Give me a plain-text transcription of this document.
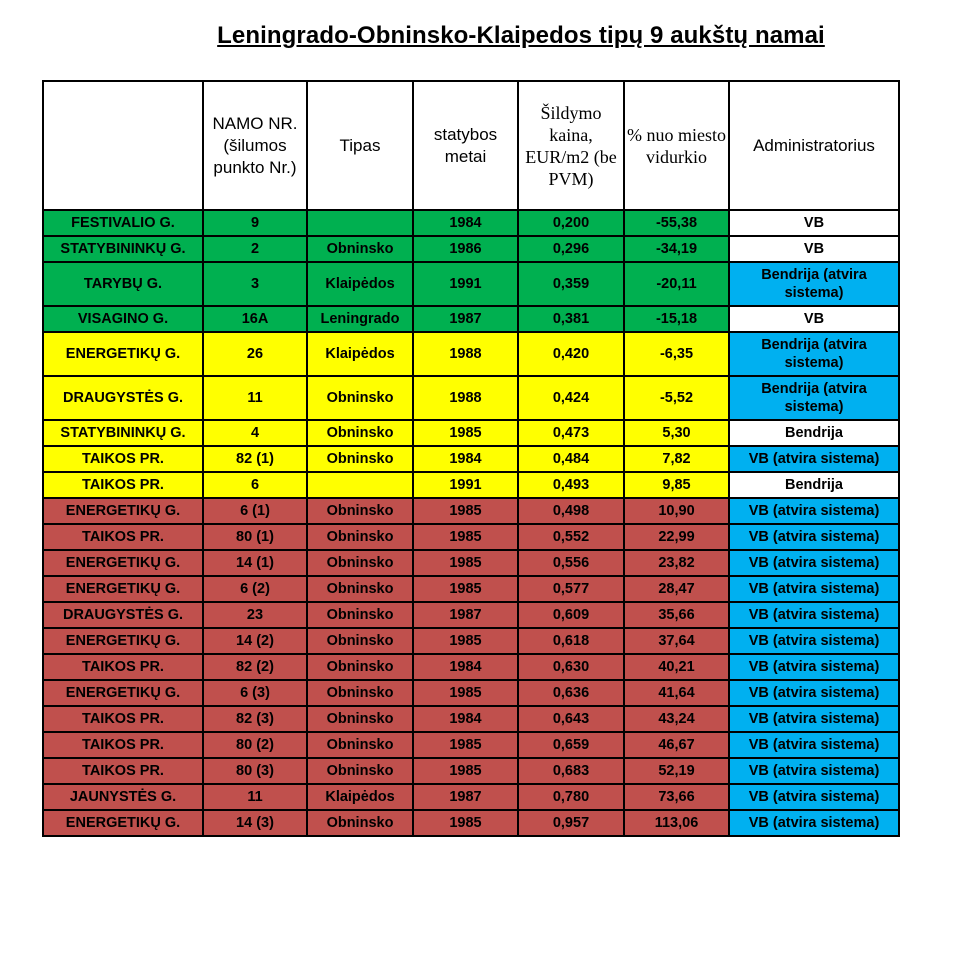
Leningrado-Obninsko-Klaipedos tipų 9 aukštų namai
	NAMO NR. (šilumos punkto Nr.)	Tipas	statybos metai	Šildymo kaina, EUR/m2 (be PVM)	% nuo miesto vidurkio	Administratorius
FESTIVALIO G.	9		1984	0,200	-55,38	VB
STATYBININKŲ G.	2	Obninsko	1986	0,296	-34,19	VB
TARYBŲ G.	3	Klaipėdos	1991	0,359	-20,11	Bendrija (atvira sistema)
VISAGINO G.	16A	Leningrado	1987	0,381	-15,18	VB
ENERGETIKŲ G.	26	Klaipėdos	1988	0,420	-6,35	Bendrija (atvira sistema)
DRAUGYSTĖS G.	11	Obninsko	1988	0,424	-5,52	Bendrija (atvira sistema)
STATYBININKŲ G.	4	Obninsko	1985	0,473	5,30	Bendrija
TAIKOS PR.	82 (1)	Obninsko	1984	0,484	7,82	VB (atvira sistema)
TAIKOS PR.	6		1991	0,493	9,85	Bendrija
ENERGETIKŲ G.	6 (1)	Obninsko	1985	0,498	10,90	VB (atvira sistema)
TAIKOS PR.	80 (1)	Obninsko	1985	0,552	22,99	VB (atvira sistema)
ENERGETIKŲ G.	14 (1)	Obninsko	1985	0,556	23,82	VB (atvira sistema)
ENERGETIKŲ G.	6 (2)	Obninsko	1985	0,577	28,47	VB (atvira sistema)
DRAUGYSTĖS G.	23	Obninsko	1987	0,609	35,66	VB (atvira sistema)
ENERGETIKŲ G.	14 (2)	Obninsko	1985	0,618	37,64	VB (atvira sistema)
TAIKOS PR.	82 (2)	Obninsko	1984	0,630	40,21	VB (atvira sistema)
ENERGETIKŲ G.	6 (3)	Obninsko	1985	0,636	41,64	VB (atvira sistema)
TAIKOS PR.	82 (3)	Obninsko	1984	0,643	43,24	VB (atvira sistema)
TAIKOS PR.	80 (2)	Obninsko	1985	0,659	46,67	VB (atvira sistema)
TAIKOS PR.	80 (3)	Obninsko	1985	0,683	52,19	VB (atvira sistema)
JAUNYSTĖS G.	11	Klaipėdos	1987	0,780	73,66	VB (atvira sistema)
ENERGETIKŲ G.	14 (3)	Obninsko	1985	0,957	113,06	VB (atvira sistema)
